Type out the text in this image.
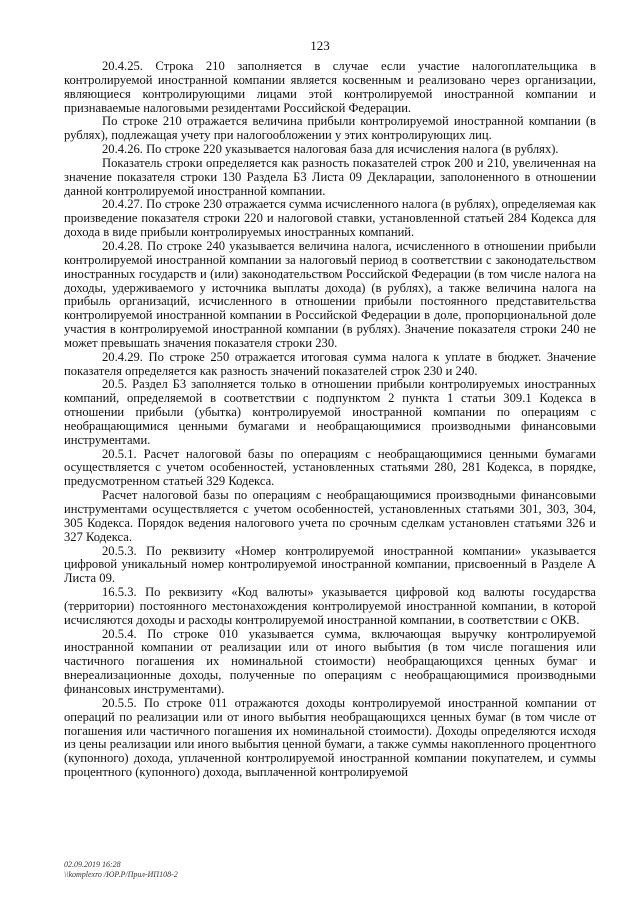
123

20.4.25. Строка 210 заполняется в случае если участие налогоплательщика в контролируемой иностранной компании является косвенным и реализовано через организации, являющиеся контролирующими лицами этой контролируемой иностранной компании и признаваемые налоговыми резидентами Российской Федерации.

По строке 210 отражается величина прибыли контролируемой иностранной компании (в рублях), подлежащая учету при налогообложении у этих контролирующих лиц.

20.4.26. По строке 220 указывается налоговая база для исчисления налога (в рублях).

Показатель строки определяется как разность показателей строк 200 и 210, увеличенная на значение показателя строки 130 Раздела Б3 Листа 09 Декларации, заполоненного в отношении данной контролируемой иностранной компании.

20.4.27. По строке 230 отражается сумма исчисленного налога (в рублях), определяемая как произведение показателя строки 220 и налоговой ставки, установленной статьей 284 Кодекса для дохода в виде прибыли контролируемых иностранных компаний.

20.4.28. По строке 240 указывается величина налога, исчисленного в отношении прибыли контролируемой иностранной компании за налоговый период в соответствии с законодательством иностранных государств и (или) законодательством Российской Федерации (в том числе налога на доходы, удерживаемого у источника выплаты дохода) (в рублях), а также величина налога на прибыль организаций, исчисленного в отношении прибыли постоянного представительства контролируемой иностранной компании в Российской Федерации в доле, пропорциональной доле участия в контролируемой иностранной компании (в рублях). Значение показателя строки 240 не может превышать значения показателя строки 230.

20.4.29. По строке 250 отражается итоговая сумма налога к уплате в бюджет. Значение показателя определяется как разность значений показателей строк 230 и 240.

20.5. Раздел Б3 заполняется только в отношении прибыли контролируемых иностранных компаний, определяемой в соответствии с подпунктом 2 пункта 1 статьи 309.1 Кодекса в отношении прибыли (убытка) контролируемой иностранной компании по операциям с необращающимися ценными бумагами и необращающимися производными финансовыми инструментами.

20.5.1. Расчет налоговой базы по операциям с необращающимися ценными бумагами осуществляется с учетом особенностей, установленных статьями 280, 281 Кодекса, в порядке, предусмотренном статьей 329 Кодекса.

Расчет налоговой базы по операциям с необращающимися производными финансовыми инструментами осуществляется с учетом особенностей, установленных статьями 301, 303, 304, 305 Кодекса. Порядок ведения налогового учета по срочным сделкам установлен статьями 326 и 327 Кодекса.

20.5.3. По реквизиту «Номер контролируемой иностранной компании» указывается цифровой уникальный номер контролируемой иностранной компании, присвоенный в Разделе А Листа 09.

16.5.3. По реквизиту «Код валюты» указывается цифровой код валюты государства (территории) постоянного местонахождения контролируемой иностранной компании, в которой исчисляются доходы и расходы контролируемой иностранной компании, в соответствии с ОКВ.

20.5.4. По строке 010 указывается сумма, включающая выручку контролируемой иностранной компании от реализации или от иного выбытия (в том числе погашения или частичного погашения их номинальной стоимости) необращающихся ценных бумаг и внереализационные доходы, полученные по операциям с необращающимися производными финансовых инструментами).

20.5.5. По строке 011 отражаются доходы контролируемой иностранной компании от операций по реализации или от иного выбытия необращающихся ценных бумаг (в том числе от погашения или частичного погашения их номинальной стоимости). Доходы определяются исходя из цены реализации или иного выбытия ценной бумаги, а также суммы накопленного процентного (купонного) дохода, уплаченной контролируемой иностранной компании покупателем, и суммы процентного (купонного) дохода, выплаченной контролируемой

02.09.2019 16:28
\\komplexro /ЮР.Р/Прил-ИП108-2
